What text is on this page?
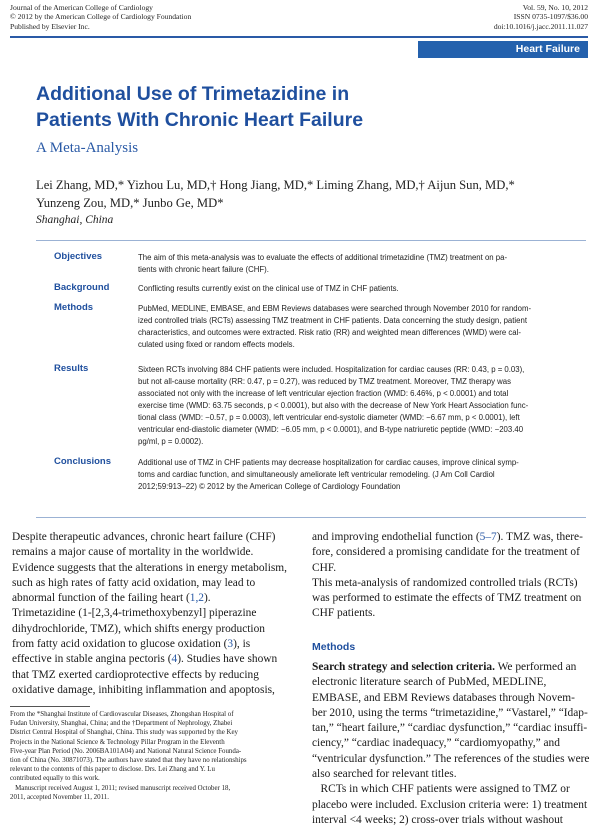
Journal of the American College of Cardiology
© 2012 by the American College of Cardiology Foundation
Published by Elsevier Inc.
Vol. 59, No. 10, 2012
ISSN 0735-1097/$36.00
doi:10.1016/j.jacc.2011.11.027
Heart Failure
Additional Use of Trimetazidine in
Patients With Chronic Heart Failure
A Meta-Analysis
Lei Zhang, MD,* Yizhou Lu, MD,† Hong Jiang, MD,* Liming Zhang, MD,† Aijun Sun, MD,*
Yunzeng Zou, MD,* Junbo Ge, MD*
Shanghai, China
Objectives	The aim of this meta-analysis was to evaluate the effects of additional trimetazidine (TMZ) treatment on pa-
tients with chronic heart failure (CHF).
Background	Conflicting results currently exist on the clinical use of TMZ in CHF patients.
Methods	PubMed, MEDLINE, EMBASE, and EBM Reviews databases were searched through November 2010 for random-
ized controlled trials (RCTs) assessing TMZ treatment in CHF patients. Data concerning the study design, patient
characteristics, and outcomes were extracted. Risk ratio (RR) and weighted mean differences (WMD) were cal-
culated using fixed or random effects models.
Results	Sixteen RCTs involving 884 CHF patients were included. Hospitalization for cardiac causes (RR: 0.43, p = 0.03),
but not all-cause mortality (RR: 0.47, p = 0.27), was reduced by TMZ treatment. Moreover, TMZ therapy was
associated not only with the increase of left ventricular ejection fraction (WMD: 6.46%, p < 0.0001) and total
exercise time (WMD: 63.75 seconds, p < 0.0001), but also with the decrease of New York Heart Association func-
tional class (WMD: −0.57, p = 0.0003), left ventricular end-systolic diameter (WMD: −6.67 mm, p < 0.0001), left
ventricular end-diastolic diameter (WMD: −6.05 mm, p < 0.0001), and B-type natriuretic peptide (WMD: −203.40
pg/ml, p = 0.0002).
Conclusions	Additional use of TMZ in CHF patients may decrease hospitalization for cardiac causes, improve clinical symp-
toms and cardiac function, and simultaneously ameliorate left ventricular remodeling. (J Am Coll Cardiol
2012;59:913–22) © 2012 by the American College of Cardiology Foundation
Despite therapeutic advances, chronic heart failure (CHF)
remains a major cause of mortality in the worldwide.
Evidence suggests that the alterations in energy metabolism,
such as high rates of fatty acid oxidation, may lead to
abnormal function of the failing heart (1,2).
Trimetazidine (1-[2,3,4-trimethoxybenzyl] piperazine
dihydrochloride, TMZ), which shifts energy production
from fatty acid oxidation to glucose oxidation (3), is
effective in stable angina pectoris (4). Studies have shown
that TMZ exerted cardioprotective effects by reducing
oxidative damage, inhibiting inflammation and apoptosis,
and improving endothelial function (5–7). TMZ was, there-
fore, considered a promising candidate for the treatment of
CHF.
This meta-analysis of randomized controlled trials (RCTs)
was performed to estimate the effects of TMZ treatment on
CHF patients.
Methods
Search strategy and selection criteria. We performed an
electronic literature search of PubMed, MEDLINE,
EMBASE, and EBM Reviews databases through Novem-
ber 2010, using the terms “trimetazidine,” “Vastarel,” “Idap-
tan,” “heart failure,” “cardiac dysfunction,” “cardiac insuffi-
ciency,” “cardiac inadequacy,” “cardiomyopathy,” and
“ventricular dysfunction.” The references of the studies were
also searched for relevant titles.
RCTs in which CHF patients were assigned to TMZ or
placebo were included. Exclusion criteria were: 1) treatment
interval <4 weeks; 2) cross-over trials without washout
From the *Shanghai Institute of Cardiovascular Diseases, Zhongshan Hospital of
Fudan University, Shanghai, China; and the †Department of Nephrology, Zhabei
District Central Hospital of Shanghai, China. This study was supported by the Key
Projects in the National Science & Technology Pillar Program in the Eleventh
Five-year Plan Period (No. 2006BA101A04) and National Natural Science Founda-
tion of China (No. 30871073). The authors have stated that they have no relationships
relevant to the contents of this paper to disclose. Drs. Lei Zhang and Y. Lu
contributed equally to this work.
Manuscript received August 1, 2011; revised manuscript received October 18,
2011, accepted November 11, 2011.
